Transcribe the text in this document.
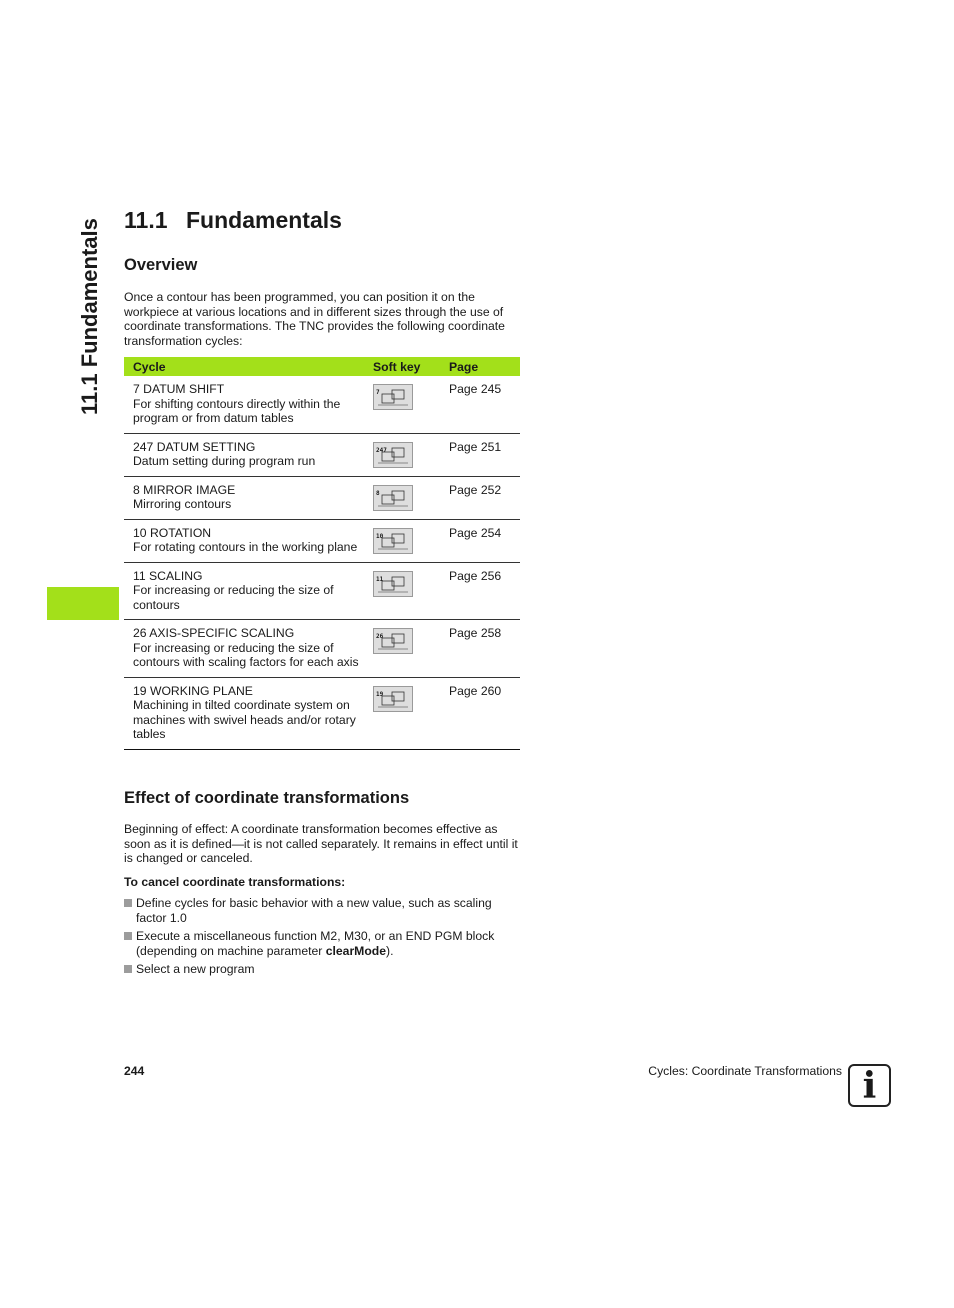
11.1 Fundamentals 11.1 Fundamentals
Overview

Once a contour has been programmed, you can position it on the workpiece at various locations and in different sizes through the use of coordinate transformations. The TNC provides the following coordinate transformation cycles:

Cycle	Soft key	Page

7 DATUM SHIFT
For shifting contours directly within the program or from datum tables	7	Page 245

247 DATUM SETTING
Datum setting during program run	247	Page 251

8 MIRROR IMAGE
Mirroring contours	8	Page 252

10 ROTATION
For rotating contours in the working plane	10	Page 254

11 SCALING
For increasing or reducing the size of contours	11	Page 256

26 AXIS-SPECIFIC SCALING
For increasing or reducing the size of contours with scaling factors for each axis	26	Page 258

19 WORKING PLANE
Machining in tilted coordinate system on machines with swivel heads and/or rotary tables	19	Page 260
Effect of coordinate transformations

Beginning of effect: A coordinate transformation becomes effective as soon as it is defined—it is not called separately. It remains in effect until it is changed or canceled.

To cancel coordinate transformations:

Define cycles for basic behavior with a new value, such as scaling factor 1.0
Execute a miscellaneous function M2, M30, or an END PGM block (depending on machine parameter clearMode).
Select a new program
244	Cycles: Coordinate Transformations i
